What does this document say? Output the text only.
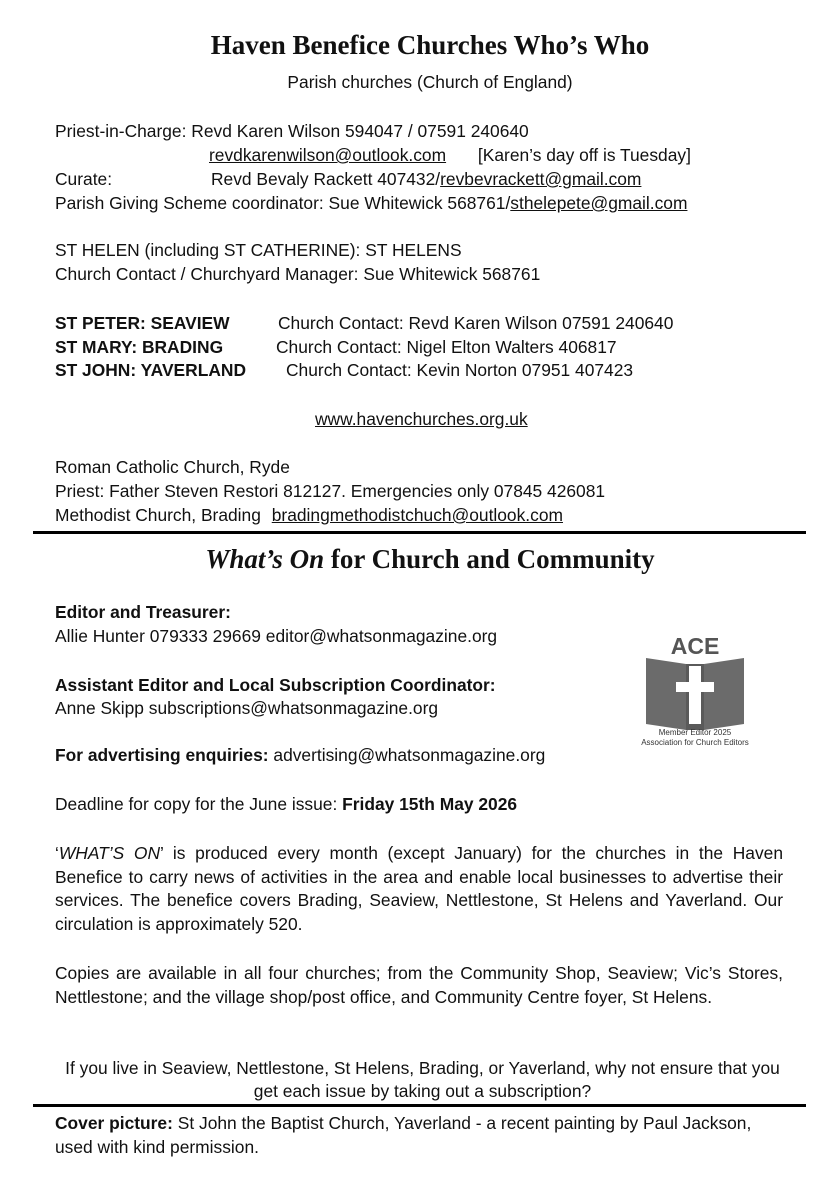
Haven Benefice Churches Who’s Who
Parish churches (Church of England)
Priest-in-Charge: Revd Karen Wilson 594047 / 07591 240640
revdkarenwilson@outlook.com [Karen’s day off is Tuesday]
Curate:	Revd Bevaly Rackett 407432/revbevrackett@gmail.com
Parish Giving Scheme coordinator: Sue Whitewick 568761/sthelepete@gmail.com
ST HELEN (including ST CATHERINE): ST HELENS
Church Contact / Churchyard Manager: Sue Whitewick 568761
ST PETER: SEAVIEW	Church Contact: Revd Karen Wilson 07591 240640
ST MARY: BRADING	Church Contact: Nigel Elton Walters 406817
ST JOHN: YAVERLAND Church Contact: Kevin Norton 07951 407423
www.havenchurches.org.uk
Roman Catholic Church, Ryde
Priest: Father Steven Restori 812127. Emergencies only 07845 426081
Methodist Church, Brading bradingmethodistchuch@outlook.com
What’s On for Church and Community
Editor and Treasurer:
Allie Hunter 079333 29669 editor@whatsonmagazine.org
Assistant Editor and Local Subscription Coordinator:
Anne Skipp subscriptions@whatsonmagazine.org
For advertising enquiries: advertising@whatsonmagazine.org
Deadline for copy for the June issue: Friday 15th May 2026
‘WHAT’S ON’ is produced every month (except January) for the churches in the Haven Benefice to carry news of activities in the area and enable local businesses to advertise their services. The benefice covers Brading, Seaview, Nettlestone, St Helens and Yaverland. Our circulation is approximately 520.
Copies are available in all four churches; from the Community Shop, Seaview; Vic’s Stores, Nettlestone; and the village shop/post office, and Community Centre foyer, St Helens.
If you live in Seaview, Nettlestone, St Helens, Brading, or Yaverland, why not ensure that you get each issue by taking out a subscription?
Cover picture: St John the Baptist Church, Yaverland - a recent painting by Paul Jackson, used with kind permission.
ACE
Member Editor 2025
Association for Church Editors
